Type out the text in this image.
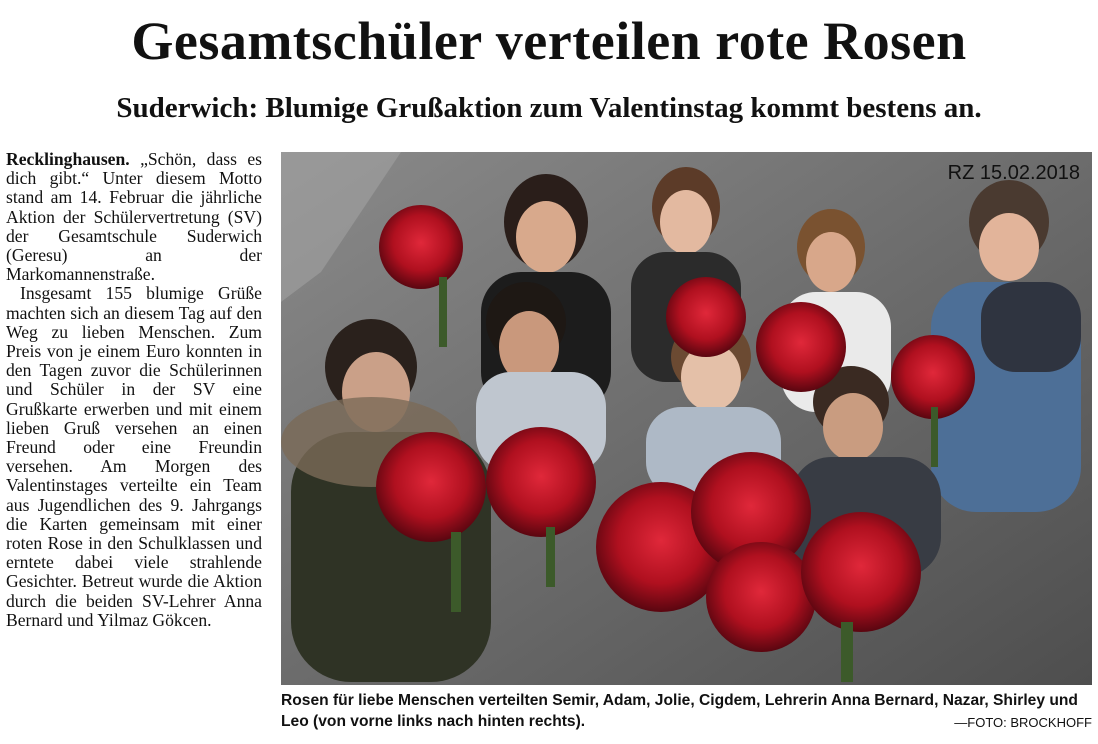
Gesamtschüler verteilen rote Rosen
Suderwich: Blumige Grußaktion zum Valentinstag kommt bestens an.

Recklinghausen. „Schön, dass es dich gibt.“ Unter diesem Motto stand am 14. Februar die jährliche Aktion der Schülervertretung (SV) der Gesamtschule Suderwich (Geresu) an der Markomannenstraße.

Insgesamt 155 blumige Grüße machten sich an diesem Tag auf den Weg zu lieben Menschen. Zum Preis von je einem Euro konnten in den Tagen zuvor die Schülerinnen und Schüler in der SV eine Grußkarte erwerben und mit einem lieben Gruß versehen an einen Freund oder eine Freundin versehen. Am Morgen des Valentinstages verteilte ein Team aus Jugendlichen des 9. Jahrgangs die Karten gemeinsam mit einer roten Rose in den Schulklassen und erntete dabei viele strahlende Gesichter. Betreut wurde die Aktion durch die beiden SV-Lehrer Anna Bernard und Yilmaz Gökcen.

RZ 15.02.2018
Rosen für liebe Menschen verteilten Semir, Adam, Jolie, Cigdem, Lehrerin Anna Bernard, Nazar, Shirley und Leo (von vorne links nach hinten rechts).	—FOTO: BROCKHOFF
